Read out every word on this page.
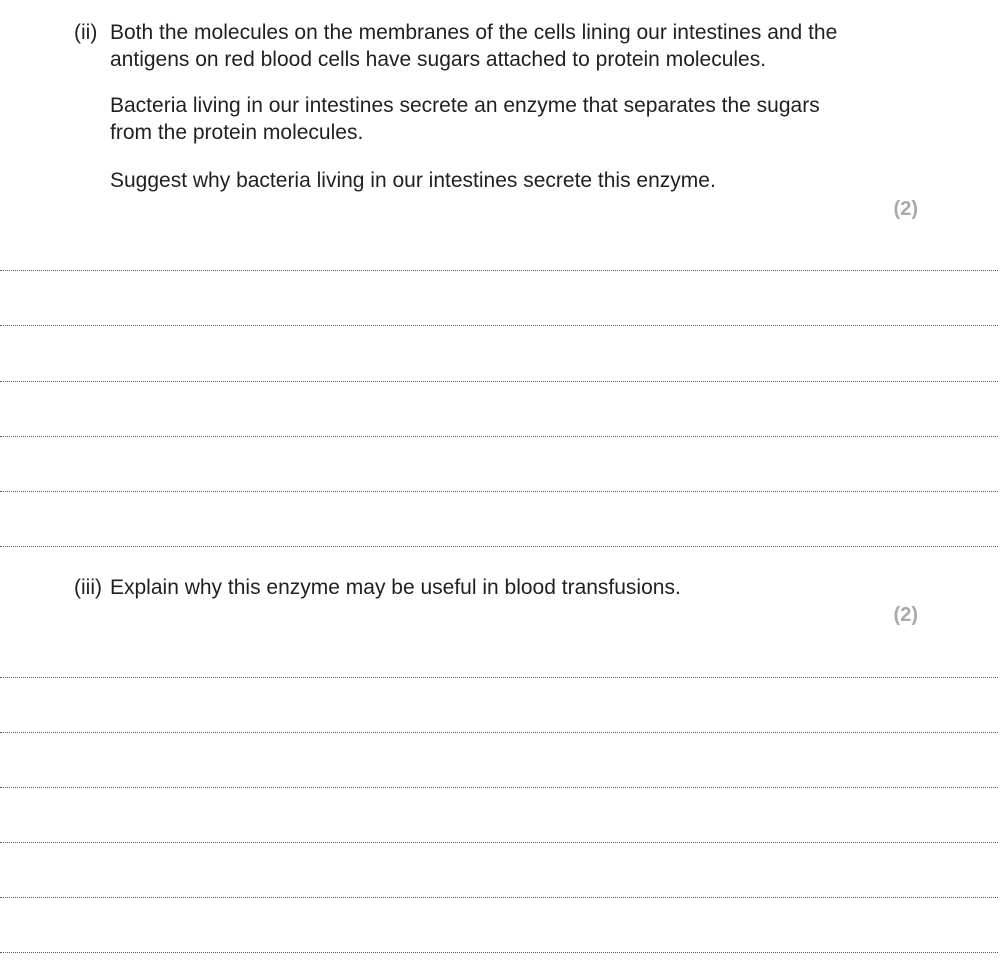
(ii) Both the molecules on the membranes of the cells lining our intestines and the antigens on red blood cells have sugars attached to protein molecules.
Bacteria living in our intestines secrete an enzyme that separates the sugars from the protein molecules.
Suggest why bacteria living in our intestines secrete this enzyme.
(2)
(iii) Explain why this enzyme may be useful in blood transfusions.
(2)
